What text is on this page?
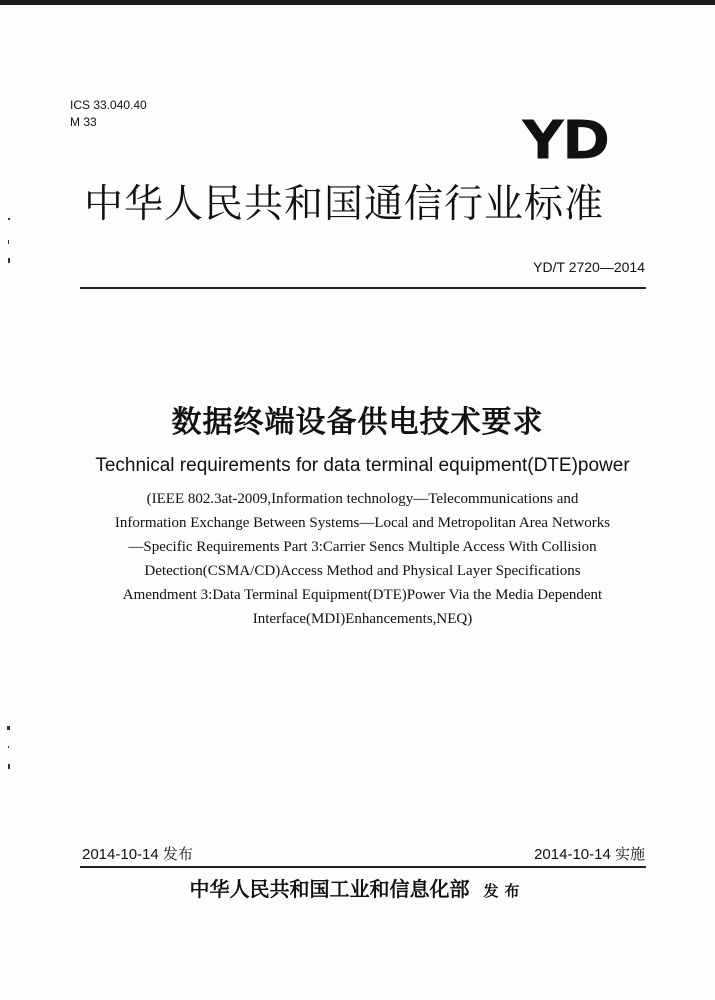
ICS 33.040.40
M 33	YD
中华人民共和国通信行业标准
YD/T 2720—2014
数据终端设备供电技术要求
Technical requirements for data terminal equipment(DTE)power
(IEEE 802.3at-2009,Information technology—Telecommunications and
Information Exchange Between Systems—Local and Metropolitan Area Networks
—Specific Requirements Part 3:Carrier Sencs Multiple Access With Collision
Detection(CSMA/CD)Access Method and Physical Layer Specifications
Amendment 3:Data Terminal Equipment(DTE)Power Via the Media Dependent
Interface(MDI)Enhancements,NEQ)
2014-10-14 发布	2014-10-14 实施
中华人民共和国工业和信息化部 发布
